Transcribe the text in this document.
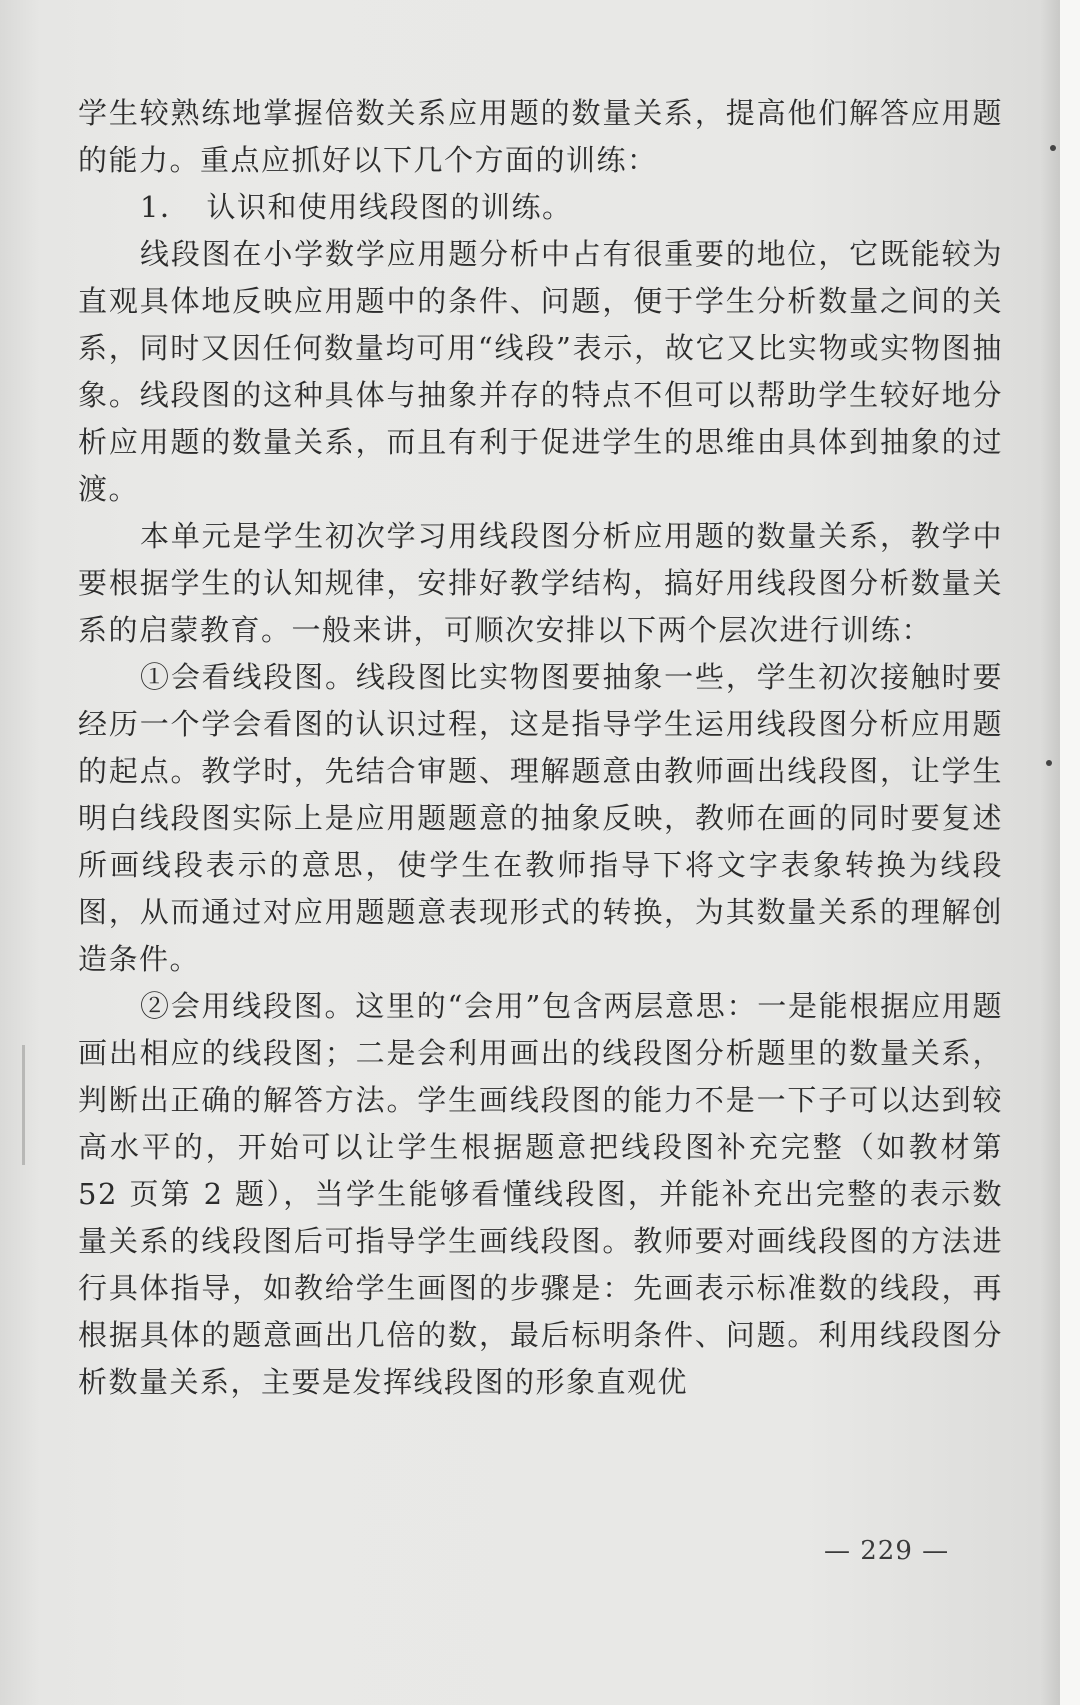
学生较熟练地掌握倍数关系应用题的数量关系，提高他们解答应用题的能力。重点应抓好以下几个方面的训练：

1．　认识和使用线段图的训练。

线段图在小学数学应用题分析中占有很重要的地位，它既能较为直观具体地反映应用题中的条件、问题，便于学生分析数量之间的关系，同时又因任何数量均可用“线段”表示，故它又比实物或实物图抽象。线段图的这种具体与抽象并存的特点不但可以帮助学生较好地分析应用题的数量关系，而且有利于促进学生的思维由具体到抽象的过渡。

本单元是学生初次学习用线段图分析应用题的数量关系，教学中要根据学生的认知规律，安排好教学结构，搞好用线段图分析数量关系的启蒙教育。一般来讲，可顺次安排以下两个层次进行训练：

①会看线段图。线段图比实物图要抽象一些，学生初次接触时要经历一个学会看图的认识过程，这是指导学生运用线段图分析应用题的起点。教学时，先结合审题、理解题意由教师画出线段图，让学生明白线段图实际上是应用题题意的抽象反映，教师在画的同时要复述所画线段表示的意思，使学生在教师指导下将文字表象转换为线段图，从而通过对应用题题意表现形式的转换，为其数量关系的理解创造条件。

②会用线段图。这里的“会用”包含两层意思：一是能根据应用题画出相应的线段图；二是会利用画出的线段图分析题里的数量关系，判断出正确的解答方法。学生画线段图的能力不是一下子可以达到较高水平的，开始可以让学生根据题意把线段图补充完整（如教材第 52 页第 2 题），当学生能够看懂线段图，并能补充出完整的表示数量关系的线段图后可指导学生画线段图。教师要对画线段图的方法进行具体指导，如教给学生画图的步骤是：先画表示标准数的线段，再根据具体的题意画出几倍的数，最后标明条件、问题。利用线段图分析数量关系，主要是发挥线段图的形象直观优

— 229 —
